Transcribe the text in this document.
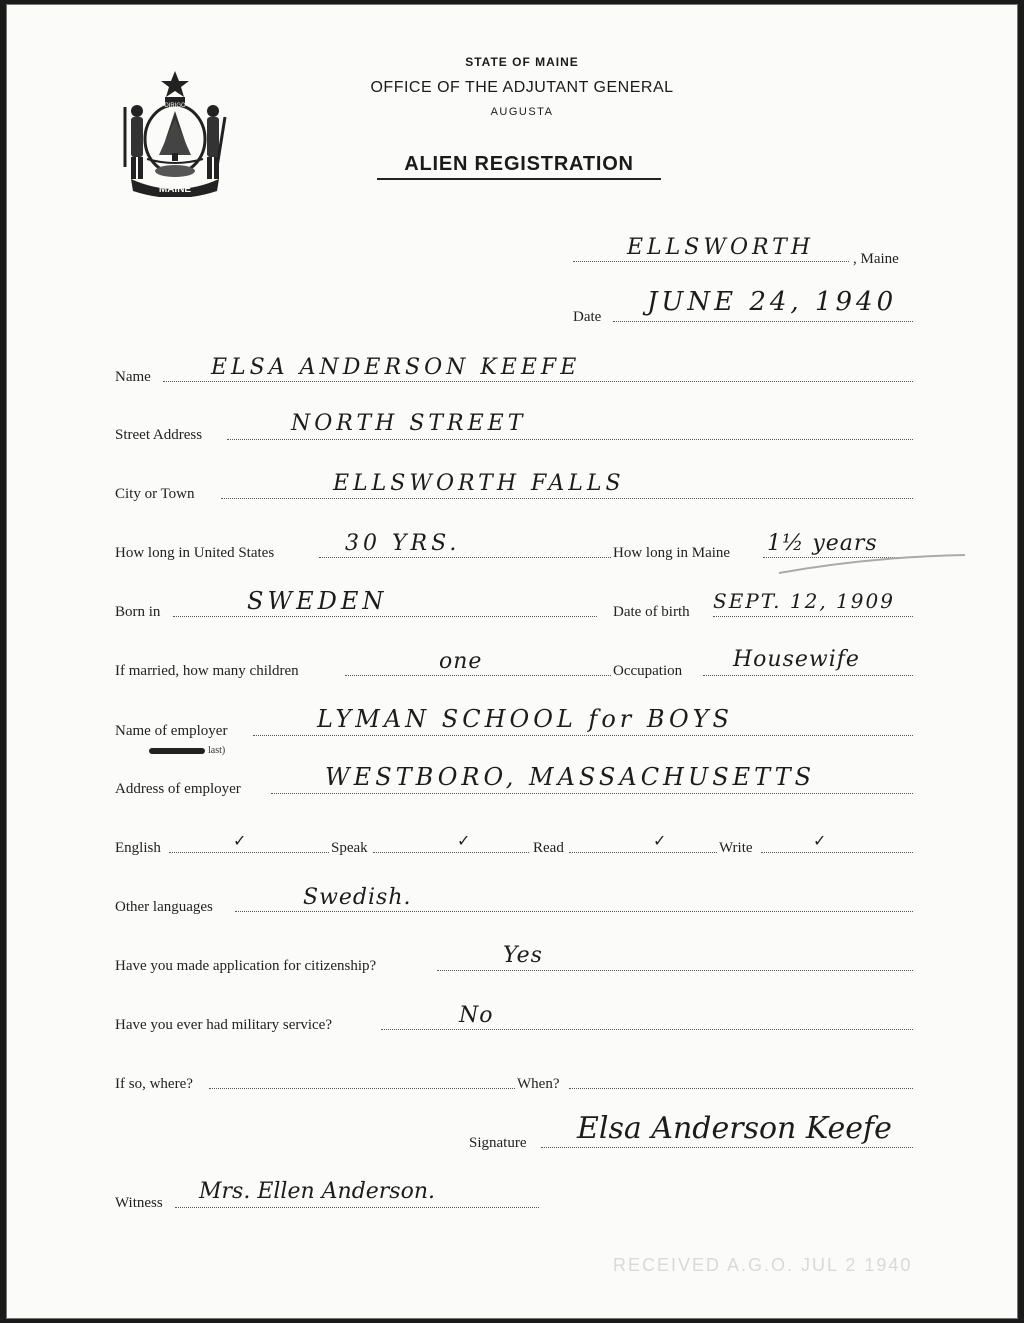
MAINE
DIRIGO
STATE OF MAINE
OFFICE OF THE ADJUTANT GENERAL
AUGUSTA
ALIEN REGISTRATION
ELLSWORTH	, Maine
Date JUNE 24, 1940
Name	ELSA ANDERSON KEEFE
Street Address	NORTH STREET
City or Town	ELLSWORTH FALLS
How long in United States	30 YRS.	How long in Maine 1½ years
Born in	SWEDEN	Date of birth SEPT. 12, 1909
If married, how many children	one	Occupation Housewife
Name of employer	LYMAN SCHOOL for BOYS
last)
Address of employer	WESTBORO, MASSACHUSETTS
English	✓	Speak	✓	Read	✓	Write	✓
Other languages	Swedish.
Have you made application for citizenship?	Yes
Have you ever had military service?	No
If so, where?	When?
Signature Elsa Anderson Keefe
Witness Mrs. Ellen Anderson.
RECEIVED A.G.O. JUL 2 1940
